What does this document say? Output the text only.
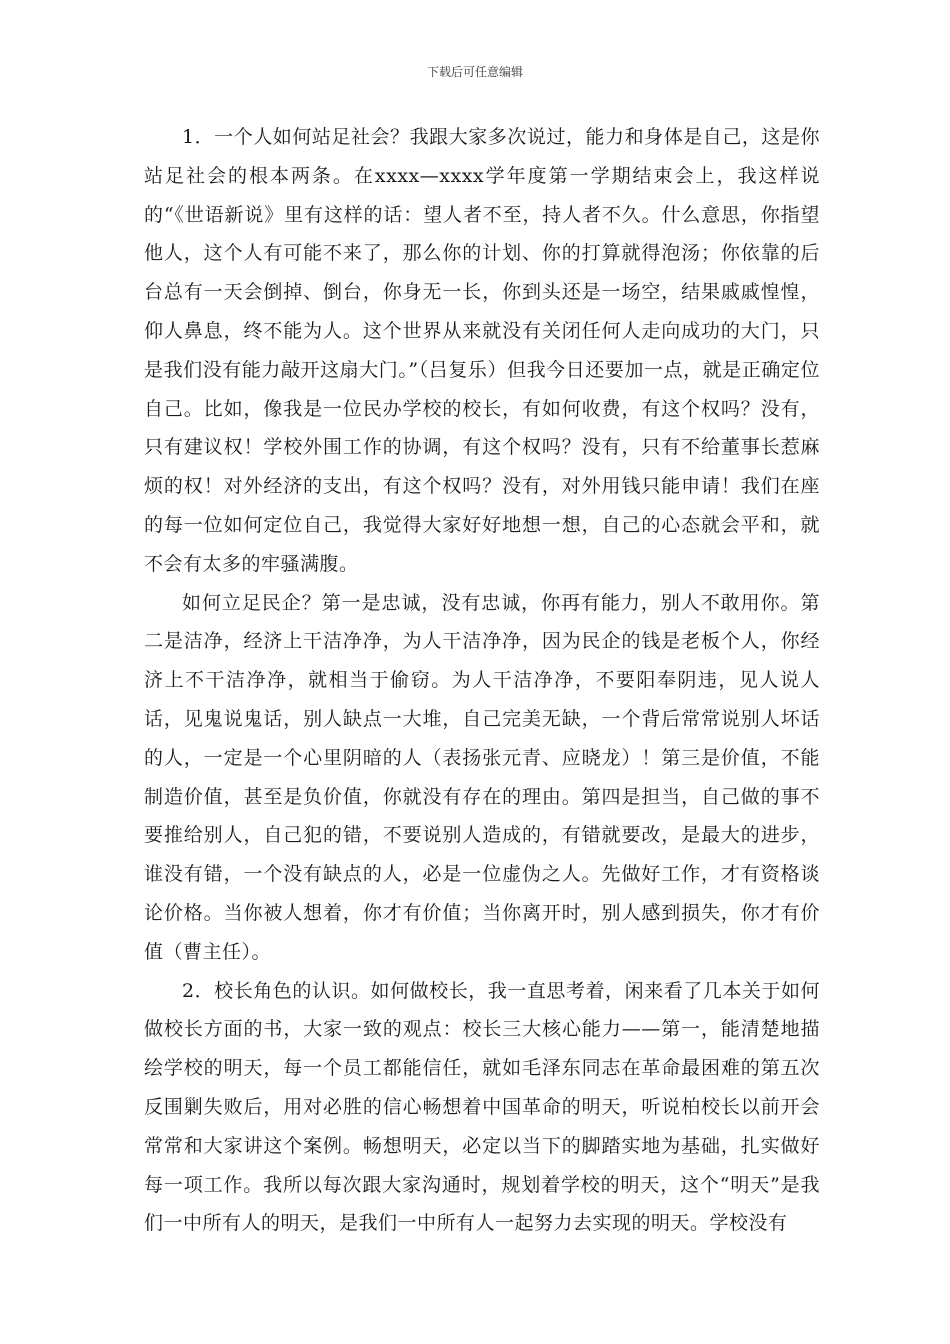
下载后可任意编辑

1．一个人如何站足社会？我跟大家多次说过，能力和身体是自己，这是你站足社会的根本两条。在xxxx—xxxx学年度第一学期结束会上，我这样说的“《世语新说》里有这样的话：望人者不至，持人者不久。什么意思，你指望他人，这个人有可能不来了，那么你的计划、你的打算就得泡汤；你依靠的后台总有一天会倒掉、倒台，你身无一长，你到头还是一场空，结果戚戚惶惶，仰人鼻息，终不能为人。这个世界从来就没有关闭任何人走向成功的大门，只是我们没有能力敲开这扇大门。”（吕复乐）但我今日还要加一点，就是正确定位自己。比如，像我是一位民办学校的校长，有如何收费，有这个权吗？没有，只有建议权！学校外围工作的协调，有这个权吗？没有，只有不给董事长惹麻烦的权！对外经济的支出，有这个权吗？没有，对外用钱只能申请！我们在座的每一位如何定位自己，我觉得大家好好地想一想，自己的心态就会平和，就不会有太多的牢骚满腹。

如何立足民企？第一是忠诚，没有忠诚，你再有能力，别人不敢用你。第二是洁净，经济上干洁净净，为人干洁净净，因为民企的钱是老板个人，你经济上不干洁净净，就相当于偷窃。为人干洁净净，不要阳奉阴违，见人说人话，见鬼说鬼话，别人缺点一大堆，自己完美无缺，一个背后常常说别人坏话的人，一定是一个心里阴暗的人（表扬张元青、应晓龙）！第三是价值，不能制造价值，甚至是负价值，你就没有存在的理由。第四是担当，自己做的事不要推给别人，自己犯的错，不要说别人造成的，有错就要改，是最大的进步，谁没有错，一个没有缺点的人，必是一位虚伪之人。先做好工作，才有资格谈论价格。当你被人想着，你才有价值；当你离开时，别人感到损失，你才有价值（曹主任）。

2．校长角色的认识。如何做校长，我一直思考着，闲来看了几本关于如何做校长方面的书，大家一致的观点：校长三大核心能力——第一，能清楚地描绘学校的明天，每一个员工都能信任，就如毛泽东同志在革命最困难的第五次反围剿失败后，用对必胜的信心畅想着中国革命的明天，听说柏校长以前开会常常和大家讲这个案例。畅想明天，必定以当下的脚踏实地为基础，扎实做好每一项工作。我所以每次跟大家沟通时，规划着学校的明天，这个“明天”是我们一中所有人的明天，是我们一中所有人一起努力去实现的明天。学校没有
